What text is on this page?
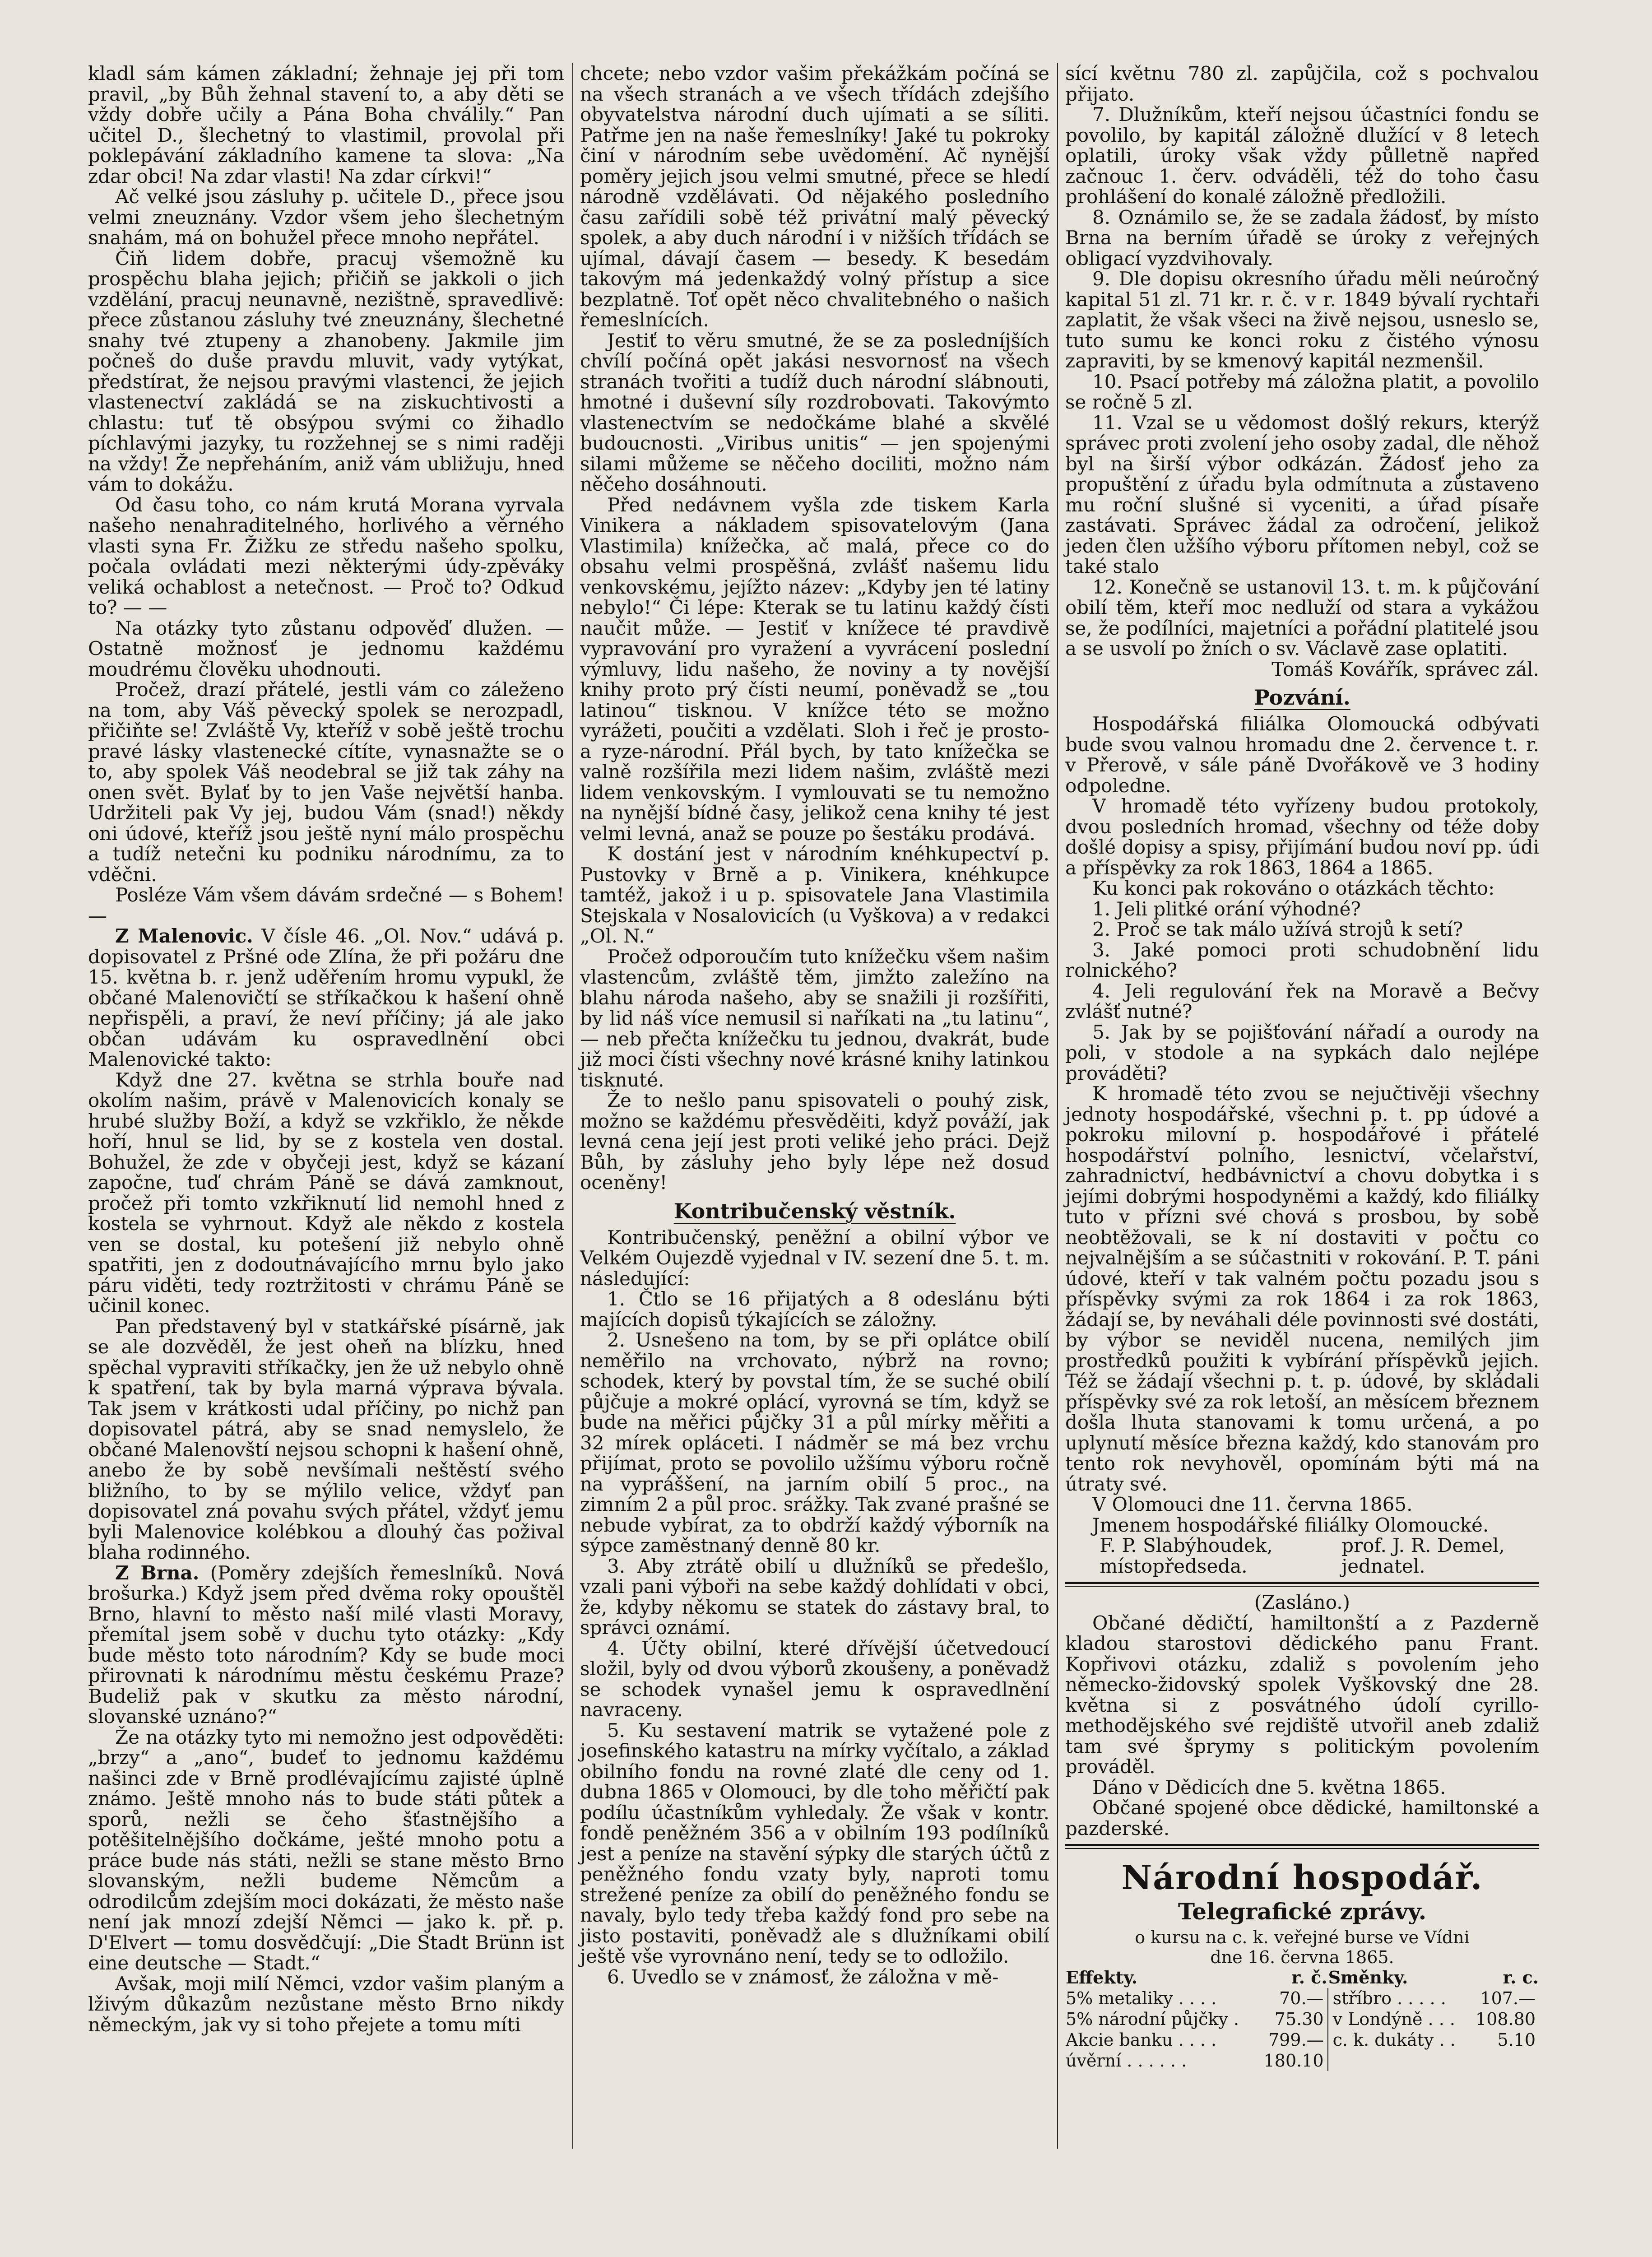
kladl sám kámen základní; žehnaje jej při tom pravil, „by Bůh žehnal stavení to, a aby děti se vždy dobře učily a Pána Boha chválily.“ Pan učitel D., šlechetný to vlastimil, provolal při poklepávání základního kamene ta slova: „Na zdar obci! Na zdar vlasti! Na zdar církvi!“

Ač velké jsou zásluhy p. učitele D., přece jsou velmi zneuznány. Vzdor všem jeho šlechetným snahám, má on bohužel přece mnoho nepřátel.

Čiň lidem dobře, pracuj všemožně ku prospěchu blaha jejich; přičiň se jakkoli o jich vzdělání, pracuj neunavně, nezištně, spravedlivě: přece zůstanou zásluhy tvé zneuznány, šlechetné snahy tvé ztupeny a zhanobeny. Jakmile jim počneš do duše pravdu mluvit, vady vytýkat, předstírat, že nejsou pravými vlastenci, že jejich vlastenectví zakládá se na ziskuchtivosti a chlastu: tuť tě obsýpou svými co žihadlo píchlavými jazyky, tu rozžehnej se s nimi raději na vždy! Že nepřeháním, aniž vám ubližuju, hned vám to dokážu.

Od času toho, co nám krutá Morana vyrvala našeho nenahraditelného, horlivého a věrného vlasti syna Fr. Žižku ze středu našeho spolku, počala ovládati mezi některými údy-zpěváky veliká ochablost a netečnost. — Proč to? Odkud to? — —

Na otázky tyto zůstanu odpověď dlužen. — Ostatně možnosť je jednomu každému moudrému člověku uhodnouti.

Pročež, drazí přátelé, jestli vám co záleženo na tom, aby Váš pěvecký spolek se nerozpadl, přičiňte se! Zvláště Vy, kteříž v sobě ještě trochu pravé lásky vlastenecké cítíte, vynasnažte se o to, aby spolek Váš neodebral se již tak záhy na onen svět. Bylať by to jen Vaše největší hanba. Udržiteli pak Vy jej, budou Vám (snad!) někdy oni údové, kteříž jsou ještě nyní málo prospěchu a tudíž netečni ku podniku národnímu, za to vděčni.

Posléze Vám všem dávám srdečné — s Bohem! —

Z Malenovic. V čísle 46. „Ol. Nov.“ udává p. dopisovatel z Pršné ode Zlína, že při požáru dne 15. května b. r. jenž uděřením hromu vypukl, že občané Malenovičtí se stříkačkou k hašení ohně nepřispěli, a praví, že neví příčiny; já ale jako občan udávám ku ospravedlnění obci Malenovické takto:

Když dne 27. května se strhla bouře nad okolím našim, právě v Malenovicích konaly se hrubé služby Boží, a když se vzkřiklo, že někde hoří, hnul se lid, by se z kostela ven dostal. Bohužel, že zde v obyčeji jest, když se kázaní započne, tuď chrám Páně se dává zamknout, pročež při tomto vzkřiknutí lid nemohl hned z kostela se vyhrnout. Když ale někdo z kostela ven se dostal, ku potešení již nebylo ohně spatřiti, jen z dodoutnávajícího mrnu bylo jako páru viděti, tedy roztržitosti v chrámu Páně se učinil konec.

Pan představený byl v statkářské písárně, jak se ale dozvěděl, že jest oheň na blízku, hned spěchal vypraviti stříkačky, jen že už nebylo ohně k spatření, tak by byla marná výprava bývala. Tak jsem v krátkosti udal příčiny, po nichž pan dopisovatel pátrá, aby se snad nemyslelo, že občané Malenovští nejsou schopni k hašení ohně, anebo že by sobě nevšímali neštěstí svého bližního, to by se mýlilo velice, vždyť pan dopisovatel zná povahu svých přátel, vždyť jemu byli Malenovice kolébkou a dlouhý čas požival blaha rodinného.

Z Brna. (Poměry zdejších řemeslníků. Nová brošurka.) Když jsem před dvěma roky opouštěl Brno, hlavní to město naší milé vlasti Moravy, přemítal jsem sobě v duchu tyto otázky: „Kdy bude město toto národním? Kdy se bude moci přirovnati k národnímu městu českému Praze? Budeliž pak v skutku za město národní, slovanské uznáno?“

Že na otázky tyto mi nemožno jest odpověděti: „brzy“ a „ano“, budeť to jednomu každému našinci zde v Brně prodlévajícímu zajisté úplně známo. Ještě mnoho nás to bude státi půtek a sporů, nežli se čeho šťastnějšího a potěšitelnějšího dočkáme, ješté mnoho potu a práce bude nás státi, nežli se stane město Brno slovanským, nežli budeme Němcům a odrodilcům zdejším moci dokázati, že město naše není jak mnozí zdejší Němci — jako k. př. p. D'Elvert — tomu dosvědčují: „Die Stadt Brünn ist eine deutsche — Stadt.“

Avšak, moji milí Němci, vzdor vašim planým a lživým důkazům nezůstane město Brno nikdy německým, jak vy si toho přejete a tomu míti

chcete; nebo vzdor vašim překážkám počíná se na všech stranách a ve všech třídách zdejšího obyvatelstva národní duch ujímati a se síliti. Patřme jen na naše řemeslníky! Jaké tu pokroky činí v národním sebe uvědomění. Ač nynější poměry jejich jsou velmi smutné, přece se hledí národně vzdělávati. Od nějakého posledního času zařídili sobě též privátní malý pěvecký spolek, a aby duch národní i v nižších třídách se ujímal, dávají časem — besedy. K besedám takovým má jedenkaždý volný přístup a sice bezplatně. Toť opět něco chvalitebného o našich řemeslnících.

Jestiť to věru smutné, že se za posledníjších chvílí počíná opět jakási nesvornosť na všech stranách tvořiti a tudíž duch národní slábnouti, hmotné i duševní síly rozdrobovati. Takovýmto vlastenectvím se nedočkáme blahé a skvělé budoucnosti. „Viribus unitis“ — jen spojenými silami můžeme se něčeho dociliti, možno nám něčeho dosáhnouti.

Před nedávnem vyšla zde tiskem Karla Vinikera a nákladem spisovatelovým (Jana Vlastimila) knížečka, ač malá, přece co do obsahu velmi prospěšná, zvlášť našemu lidu venkovskému, jejížto název: „Kdyby jen té latiny nebylo!“ Či lépe: Kterak se tu latinu každý čísti naučit může. — Jestiť v knížece té pravdivě vypravování pro vyražení a vyvrácení poslední výmluvy, lidu našeho, že noviny a ty novější knihy proto prý čísti neumí, poněvadž se „tou latinou“ tisknou. V knížce této se možno vyrážeti, poučiti a vzdělati. Sloh i řeč je prosto- a ryze-národní. Přál bych, by tato knížečka se valně rozšířila mezi lidem našim, zvláště mezi lidem venkovským. I vymlouvati se tu nemožno na nynější bídné časy, jelikož cena knihy té jest velmi levná, anaž se pouze po šestáku prodává.

K dostání jest v národním knéhkupectví p. Pustovky v Brně a p. Vinikera, knéhkupce tamtéž, jakož i u p. spisovatele Jana Vlastimila Stejskala v Nosalovicích (u Vyškova) a v redakci „Ol. N.“

Pročež odporoučím tuto knížečku všem našim vlastencům, zvláště těm, jimžto zaležíno na blahu národa našeho, aby se snažili ji rozšířiti, by lid náš více nemusil si naříkati na „tu latinu“, — neb přečta knížečku tu jednou, dvakrát, bude již moci čísti všechny nové krásné knihy latinkou tisknuté.

Že to nešlo panu spisovateli o pouhý zisk, možno se každému přesvěděiti, když pováží, jak levná cena její jest proti veliké jeho práci. Dejž Bůh, by zásluhy jeho byly lépe než dosud oceněny!

Kontribučenský věstník.

Kontribučenský, peněžní a obilní výbor ve Velkém Oujezdě vyjednal v IV. sezení dne 5. t. m. následující:

1. Čtlo se 16 přijatých a 8 odeslánu býti majících dopisů týkajících se záložny.

2. Usnešeno na tom, by se při oplátce obilí neměřilo na vrchovato, nýbrž na rovno; schodek, který by povstal tím, že se suché obilí půjčuje a mokré oplácí, vyrovná se tím, když se bude na měřici půjčky 31 a půl mírky měřiti a 32 mírek opláceti. I nádměr se má bez vrchu přijímat, proto se povolilo užšímu výboru ročně na vypráššení, na jarním obilí 5 proc., na zimním 2 a půl proc. srážky. Tak zvané prašné se nebude vybírat, za to obdrží každý výborník na sýpce zaměstnaný denně 80 kr.

3. Aby ztrátě obilí u dlužníků se předešlo, vzali pani výboři na sebe každý dohlídati v obci, že, kdyby někomu se statek do zástavy bral, to správci oznámí.

4. Účty obilní, které dřívější účetvedoucí složil, byly od dvou výborů zkoušeny, a poněvadž se schodek vynašel jemu k ospravedlnění navraceny.

5. Ku sestavení matrik se vytažené pole z josefinského katastru na mírky vyčítalo, a základ obilního fondu na rovné zlaté dle ceny od 1. dubna 1865 v Olomouci, by dle toho měřičtí pak podílu účastníkům vyhledaly. Že však v kontr. fondě peněžném 356 a v obilním 193 podílníků jest a peníze na stavění sýpky dle starých účtů z peněžného fondu vzaty byly, naproti tomu strežené peníze za obilí do peněžného fondu se navaly, bylo tedy třeba každý fond pro sebe na jisto postaviti, poněvadž ale s dlužníkami obilí ještě vše vyrovnáno není, tedy se to odložilo.

6. Uvedlo se v známosť, že záložna v mě-

sící květnu 780 zl. zapůjčila, což s pochvalou přijato.

7. Dlužníkům, kteří nejsou účastníci fondu se povolilo, by kapitál záložně dlužící v 8 letech oplatili, úroky však vždy půlletně napřed začnouc 1. červ. odváděli, též do toho času prohlášení do konalé záložně předložili.

8. Oznámilo se, že se zadala žádosť, by místo Brna na berním úřadě se úroky z veřejných obligací vyzdvihovaly.

9. Dle dopisu okresního úřadu měli neúročný kapital 51 zl. 71 kr. r. č. v r. 1849 bývalí rychtaři zaplatit, že však všeci na živě nejsou, usneslo se, tuto sumu ke konci roku z čistého výnosu zapraviti, by se kmenový kapitál nezmenšil.

10. Psací potřeby má záložna platit, a povolilo se ročně 5 zl.

11. Vzal se u vědomost došlý rekurs, kterýž správec proti zvolení jeho osoby zadal, dle něhož byl na širší výbor odkázán. Žádosť jeho za propuštění z úřadu byla odmítnuta a zůstaveno mu roční slušné si vyceniti, a úřad písaře zastávati. Správec žádal za odročení, jelikož jeden člen užšího výboru přítomen nebyl, což se také stalo

12. Konečně se ustanovil 13. t. m. k půjčování obilí těm, kteří moc nedluží od stara a vykážou se, že podílníci, majetníci a pořádní platitelé jsou a se usvolí po žních o sv. Václavě zase oplatiti.

Tomáš Kovářík, správec zál.

Pozvání.

Hospodářská filiálka Olomoucká odbývati bude svou valnou hromadu dne 2. července t. r. v Přerově, v sále páně Dvořákově ve 3 hodiny odpoledne.

V hromadě této vyřízeny budou protokoly, dvou posledních hromad, všechny od téže doby došlé dopisy a spisy, přijímání budou noví pp. údi a příspěvky za rok 1863, 1864 a 1865.

Ku konci pak rokováno o otázkách těchto:

1. Jeli plitké orání výhodné?

2. Proč se tak málo užívá strojů k setí?

3. Jaké pomoci proti schudobnění lidu rolnického?

4. Jeli regulování řek na Moravě a Bečvy zvlášť nutné?

5. Jak by se pojišťování nářadí a ourody na poli, v stodole a na sypkách dalo nejlépe prováděti?

K hromadě této zvou se nejučtivěji všechny jednoty hospodářské, všechni p. t. pp údové a pokroku milovní p. hospodářové i přátelé hospodářství polního, lesnictví, včelařství, zahradnictví, hedbávnictví a chovu dobytka i s jejími dobrými hospodyněmi a každý, kdo filiálky tuto v přízni své chová s prosbou, by sobě neobtěžovali, se k ní dostaviti v počtu co nejvalnějším a se súčastniti v rokování. P. T. páni údové, kteří v tak valném počtu pozadu jsou s příspěvky svými za rok 1864 i za rok 1863, žádají se, by neváhali déle povinnosti své dostáti, by výbor se neviděl nucena, nemilých jim prostředků použiti k vybírání příspěvků jejich. Též se žádají všechni p. t. p. údové, by skládali příspěvky své za rok letoší, an měsícem březnem došla lhuta stanovami k tomu určená, a po uplynutí měsíce března každý, kdo stanovám pro tento rok nevyhověl, opomínám býti má na útraty své.

V Olomouci dne 11. června 1865.

Jmenem hospodářské filiálky Olomoucké.

F. P. Slabýhoudek,
místopředseda.
prof. J. R. Demel,
jednatel.

(Zasláno.)

Občané dědičtí, hamiltonští a z Pazderně kladou starostovi dědického panu Frant. Kopřivovi otázku, zdaliž s povolením jeho německo-židovský spolek Vyškovský dne 28. května si z posvátného údolí cyrillo-methodějského své rejdiště utvořil aneb zdaliž tam své šprymy s politickým povolením prováděl.

Dáno v Dědicích dne 5. května 1865.

Občané spojené obce dědické, hamiltonské a pazderské.

Národní hospodář.
Telegrafické zprávy.
o kursu na c. k. veřejné burse ve Vídni
dne 16. června 1865.
Effekty.	r. č.	Směnky.	r. c.
5% metaliky . . . .	70.—	stříbro . . . . .	107.—
5% národní půjčky .	75.30	v Londýně . . .	108.80
Akcie banku . . . .	799.—	c. k. dukáty . .	5.10
úvěrní . . . . . .	180.10		
